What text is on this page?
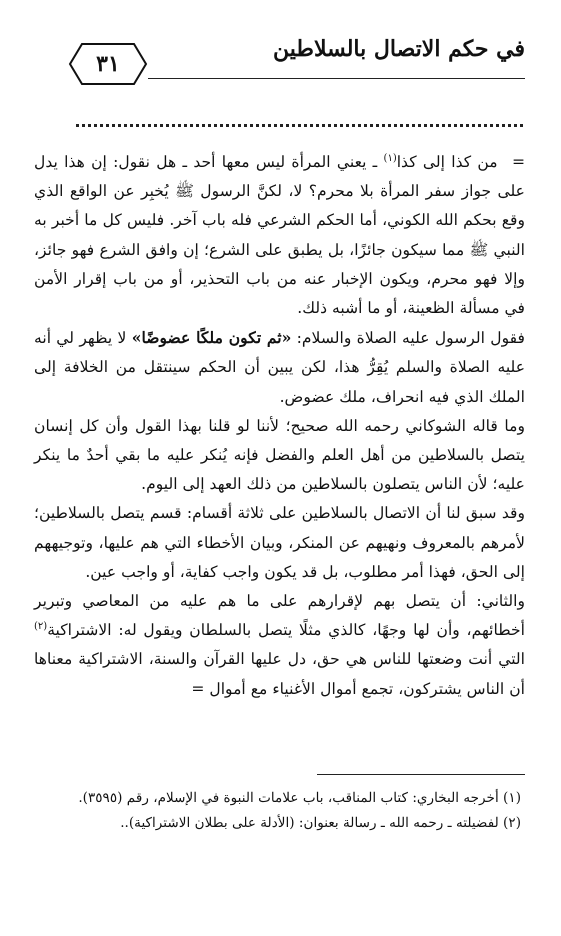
في حكم الاتصال بالسلاطين
٣١

= من كذا إلى كذا$^{(١)}$ ـ يعني المرأة ليس معها أحد ـ هل نقول: إن هذا يدل على جواز سفر المرأة بلا محرم؟ لا، لكنَّ الرسول ﷺ يُخبِر عن الواقع الذي وقع بحكم الله الكوني، أما الحكم الشرعي فله باب آخر. فليس كل ما أخبر به النبي ﷺ مما سيكون جائزًا، بل يطبق على الشرع؛ إن وافق الشرع فهو جائز، وإلا فهو محرم، ويكون الإخبار عنه من باب التحذير، أو من باب إقرار الأمن في مسألة الظعينة، أو ما أشبه ذلك.

فقول الرسول عليه الصلاة والسلام: «ثم تكون ملكًا عضوضًا» لا يظهر لي أنه عليه الصلاة والسلم يُقِرُّ هذا، لكن يبين أن الحكم سينتقل من الخلافة إلى الملك الذي فيه انحراف، ملك عضوض.

وما قاله الشوكاني رحمه الله صحيح؛ لأننا لو قلنا بهذا القول وأن كل إنسان يتصل بالسلاطين من أهل العلم والفضل فإنه يُنكر عليه ما بقي أحدٌ ما ينكر عليه؛ لأن الناس يتصلون بالسلاطين من ذلك العهد إلى اليوم.

وقد سبق لنا أن الاتصال بالسلاطين على ثلاثة أقسام: قسم يتصل بالسلاطين؛ لأمرهم بالمعروف ونهيهم عن المنكر، وبيان الأخطاء التي هم عليها، وتوجيههم إلى الحق، فهذا أمر مطلوب، بل قد يكون واجب كفاية، أو واجب عين.

والثاني: أن يتصل بهم لإقرارهم على ما هم عليه من المعاصي وتبرير أخطائهم، وأن لها وجهًا، كالذي مثلًا يتصل بالسلطان ويقول له: الاشتراكية$^{(٢)}$ التي أنت وضعتها للناس هي حق، دل عليها القرآن والسنة، الاشتراكية معناها أن الناس يشتركون، تجمع أموال الأغنياء مع أموال =

(١) أخرجه البخاري: كتاب المناقب، باب علامات النبوة في الإسلام، رقم (٣٥٩٥).
(٢) لفضيلته ـ رحمه الله ـ رسالة بعنوان: (الأدلة على بطلان الاشتراكية)..
